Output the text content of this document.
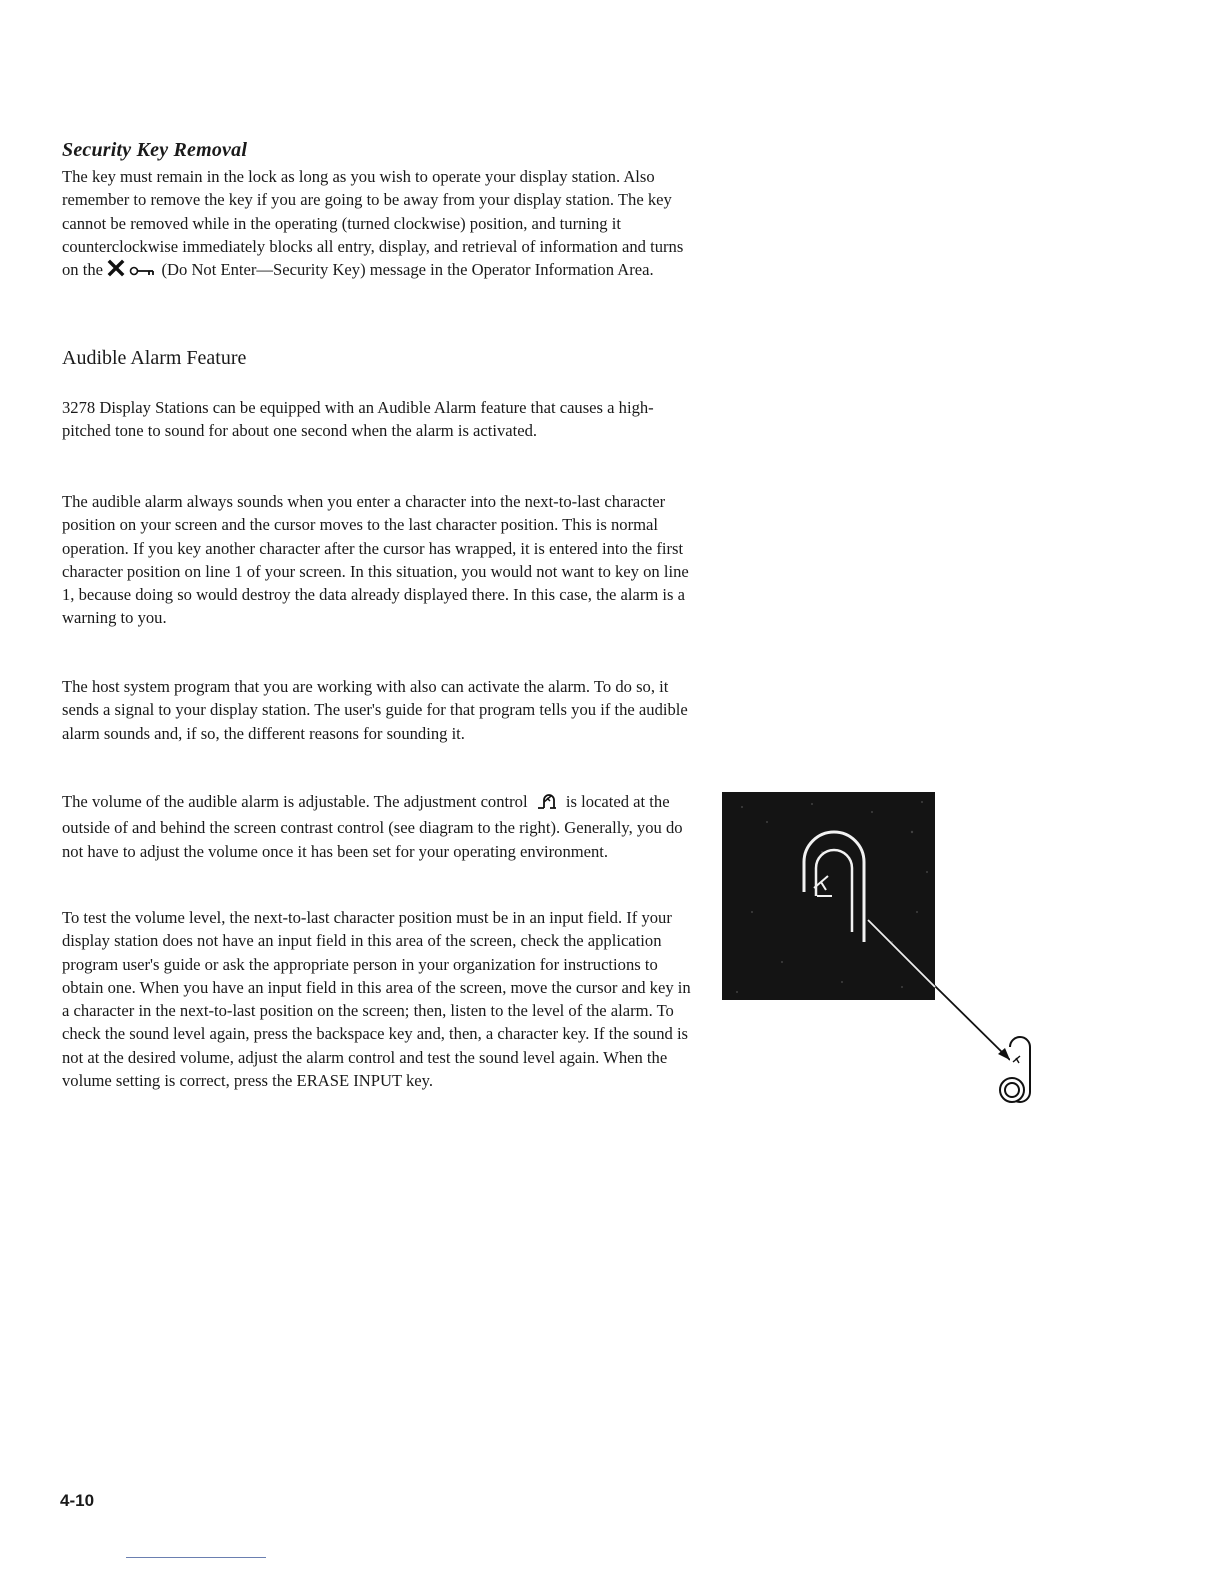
Security Key Removal

The key must remain in the lock as long as you wish to operate your display station. Also remember to remove the key if you are going to be away from your display station. The key cannot be removed while in the operating (turned clockwise) position, and turning it counterclockwise immediately blocks all entry, display, and retrieval of information and turns on the	(Do Not Enter—Security Key) message in the Operator Information Area.

Audible Alarm Feature

3278 Display Stations can be equipped with an Audible Alarm feature that causes a high-pitched tone to sound for about one second when the alarm is activated.

The audible alarm always sounds when you enter a character into the next-to-last character position on your screen and the cursor moves to the last character position. This is normal operation. If you key another character after the cursor has wrapped, it is entered into the first character position on line 1 of your screen. In this situation, you would not want to key on line 1, because doing so would destroy the data already displayed there. In this case, the alarm is a warning to you.

The host system program that you are working with also can activate the alarm. To do so, it sends a signal to your display station. The user's guide for that program tells you if the audible alarm sounds and, if so, the different reasons for sounding it.

The volume of the audible alarm is adjustable. The adjustment control is located at the outside of and behind the screen contrast control (see diagram to the right). Generally, you do not have to adjust the volume once it has been set for your operating environment.

To test the volume level, the next-to-last character position must be in an input field. If your display station does not have an input field in this area of the screen, check the application program user's guide or ask the appropriate person in your organization for instructions to obtain one. When you have an input field in this area of the screen, move the cursor and key in a character in the next-to-last position on the screen; then, listen to the level of the alarm. To check the sound level again, press the backspace key and, then, a character key. If the sound is not at the desired volume, adjust the alarm control and test the sound level again. When the volume setting is correct, press the ERASE INPUT key.

4-10
